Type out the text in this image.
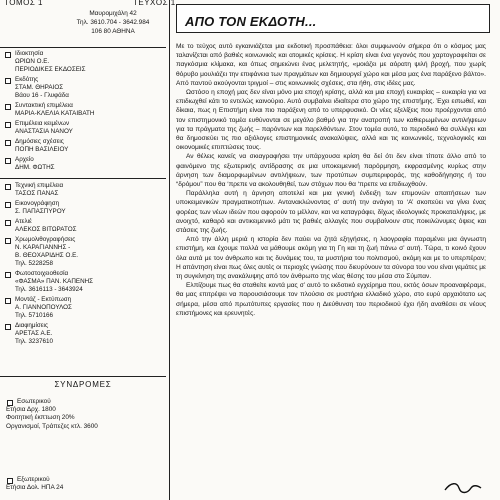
ΤΟΜΟΣ 1	ΤΕΥΧΟΣ 1
Μαυρομιχάλη 42
Τηλ. 3610.704 - 3642.984
106 80 ΑΘΗΝΑ
Ιδιοκτησία
ΩΡΙΩΝ Ο.Ε.
ΠΕΡΙΟΔΙΚΕΣ ΕΚΔΟΣΕΙΣ
Εκδότης
ΣΤΑΜ. ΘΗΡΑΙΟΣ
Βάου 16 - Γλυφάδα
Συντακτική επιμέλεια
ΜΑΡΙΑ-ΚΛΕΛΙΑ ΚΑΤΑΙΒΑΤΗ
Επιμέλεια κειμένων
ΑΝΑΣΤΑΣΙΑ ΝΑΝΟΥ
Δημόσιες σχέσεις
ΠΟΠΗ ΒΑΣΙΛΕΙΟΥ
Αρχείο
ΔΗΜ. ΦΩΤΗΣ
Τεχνική επιμέλεια
ΤΑΣΟΣ ΠΑΝΑΣ
Εικονογράφηση
Σ. ΠΑΠΑΣΠΥΡΟΥ
Ατελιέ
ΑΛΕΚΟΣ ΒΙΤΩΡΑΤΟΣ
Χρωμολιθογραφήσεις
Ν. ΚΑΡΑΓΙΑΝΝΗΣ -
Β. ΘΕΟΧΑΡΙΔΗΣ Ο.Ε.
Τηλ. 5228258
Φωτοστοιχειοθεσία
«ΦΑΣΜΑ» ΠΑΝ. ΚΑΠΕΝΗΣ
Τηλ. 3616113 - 3643924
Μοντάζ - Εκτύπωση
Α. ΓΙΑΝΝΟΠΟΥΛΟΣ
Τηλ. 5710166
Διαφημίσεις
ΑΡΕΤΑΣ Α.Ε.
Τηλ. 3237610
ΣΥΝΔΡΟΜΕΣ
Εσωτερικού
Ετήσια Δρχ. 1800
Φοιτητική έκπτωση 20%
Οργανισμοί, Τράπεζες κτλ. 3600
Εξωτερικού
Ετήσια Δολ. ΗΠΑ 24
ΑΠΟ ΤΟΝ ΕΚΔΟΤΗ...

Με το τεύχος αυτό εγκαινιάζεται μια εκδοτική προσπάθεια: όλοι συμφωνούν σήμερα ότι ο κόσμος μας ταλανίζεται από βαθιές κοινωνικές και ατομικές κρίσεις. Η κρίση είναι ένα γεγονός που χαρτογραφείται σε παγκόσμια κλίμακα, και όπως σημειώνει ένας μελετητής, «μοιάζει με αόρατη ψιλή βροχή, που χωρίς θόρυβο μουλιάζει την επιφάνεια των πραγμάτων και δημιουργεί χώρο και μέσα μας ένα παράξενο βάλτο». Από παντού ακούγονται τριγμοί – στις κοινωνικές σχέσεις, στα ήθη, στις ιδέες μας.

Ωστόσο η εποχή μας δεν είναι μόνο μια εποχή κρίσης, αλλά και μια εποχή ευκαιρίας – ευκαιρία για να επιδιωχθεί κάτι το εντελώς καινούριο. Αυτό συμβαίνει ιδιαίτερα στο χώρο της επιστήμης. Έχει ειπωθεί, και δίκαια, πως η Επιστήμη είναι πιο παράξενη από το υπερφυσικό. Οι νέες εξελίξεις που προέρχονται από τον επιστημονικό τομέα ευθύνονται σε μεγάλο βαθμό για την ανατροπή των καθιερωμένων αντιλήψεων για τα πράγματα της ζωής – παρόντων και παρελθόντων. Στον τομέα αυτό, το περιοδικό θα συλλέγει και θα δημοσιεύει τις πιο αξιόλογες επιστημονικές ανακαλύψεις, αλλά και τις κοινωνικές, τεχνολογικές και οικονομικές επιπτώσεις τους.

Αν θέλεις κανείς να σκιαγραφήσει την υπάρχουσα κρίση θα δεί ότι δεν είναι τίποτε άλλο από το φαινόμενο της εξωτερικής αντίδρασης σε μια υποκειμενική παρόρμηση, εκφρασμένης κυρίως στην άρνηση των διαμορφωμένων αντιλήψεων, των προτύπων συμπεριφοράς, της καθοδήγησης ή του “δρόμου” που θα ‘πρεπε να ακολουθηθεί, των στόχων που θα ‘πρεπε να επιδιωχθούν.

Παράλληλα αυτή η άρνηση αποτελεί και μια γενική ένδειξη των επιμονών απαιτήσεων των υποκειμενικών πραγματικοτήτων. Αντανακλώνοντας σ’ αυτή την ανάγκη το ‘Α’ σκοπεύει να γίνει ένας φορέας των νέων ιδεών που αφορούν το μέλλον, και να καταγράφει, δίχως ιδεολογικές προκαταλήψεις, με ανοιχτό, καθαρό και αντικειμενικό μάτι τις βαθιές αλλαγές που συμβαίνουν στις ποικιλώνυμες όψεις και στάσεις της ζωής.

Από την άλλη μεριά η ιστορία δεν παύει να ζητά εξηγήσεις, η λαογραφία παραμένει μια άγνωστη επιστήμη, και έχουμε πολλά να μάθουμε ακόμη για τη Γη και τη ζωή πάνω σ’ αυτή. Τώρα, τι κοινό έχουν όλα αυτά με τον άνθρωπο και τις δυνάμεις του, τα μυστήρια του πολιτισμού, ακόμη και με το υπερπέραν; Η απάντηση είναι πως όλες αυτές οι περιοχές γνώσης που διευρύνουν τα σύνορα του νου είναι γεμάτες με τη συγκίνηση της ανακάλυψης από τον άνθρωπο της νέας θέσης του μέσα στο Σύμπαν.

Ελπίζουμε πως θα σταθείτε κοντά μας σ’ αυτό το εκδοτικό εγχείρημα που, εκτός όσων προαναφέραμε, θα μας επιτρέψει να παρουσιάσουμε τον πλούσιο σε μυστήρια ελλαδικό χώρο, στο ευρύ αρχαιότατο ως σήμερα, μέσα από πρωτότυπες εργασίες που η Διεύθυνση του περιοδικού έχει ήδη αναθέσει σε νέους επιστήμονες και ερευνητές.
